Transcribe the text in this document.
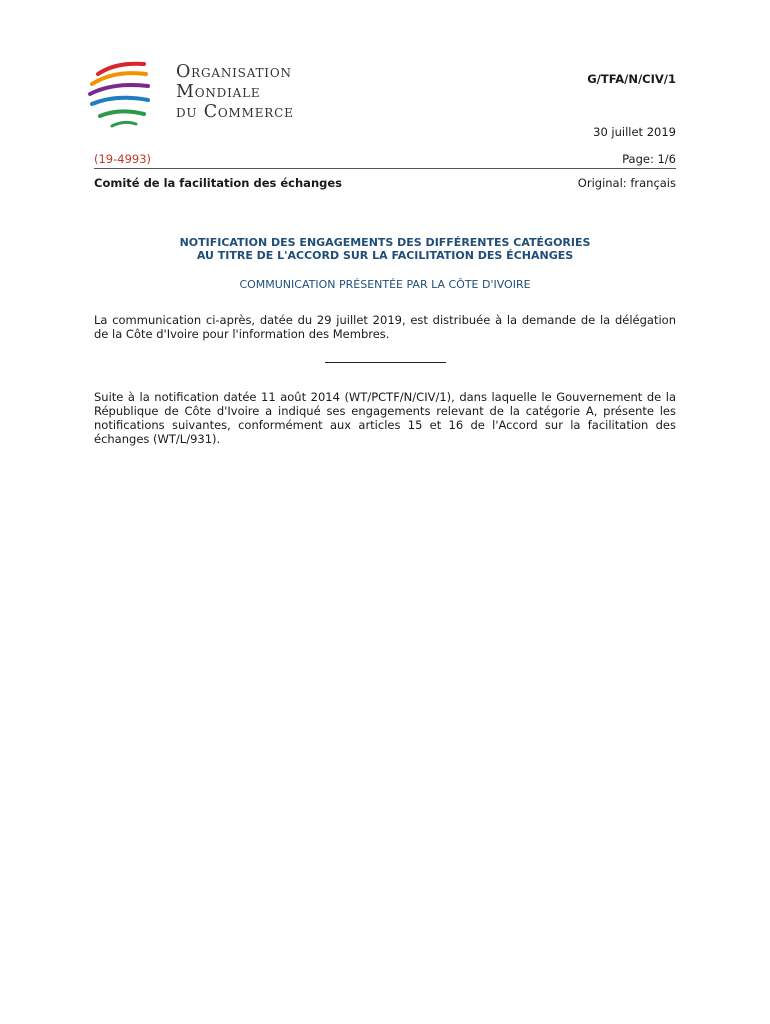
Organisation
Mondiale
du Commerce
G/TFA/N/CIV/1
30 juillet 2019
(19-4993)	Page: 1/6
Comité de la facilitation des échanges	Original: français
NOTIFICATION DES ENGAGEMENTS DES DIFFÉRENTES CATÉGORIES
AU TITRE DE L'ACCORD SUR LA FACILITATION DES ÉCHANGES
COMMUNICATION PRÉSENTÉE PAR LA CÔTE D'IVOIRE
La communication ci-après, datée du 29 juillet 2019, est distribuée à la demande de la délégation de la Côte d'Ivoire pour l'information des Membres.
Suite à la notification datée 11 août 2014 (WT/PCTF/N/CIV/1), dans laquelle le Gouvernement de la République de Côte d'Ivoire a indiqué ses engagements relevant de la catégorie A, présente les notifications suivantes, conformément aux articles 15 et 16 de l'Accord sur la facilitation des échanges (WT/L/931).
